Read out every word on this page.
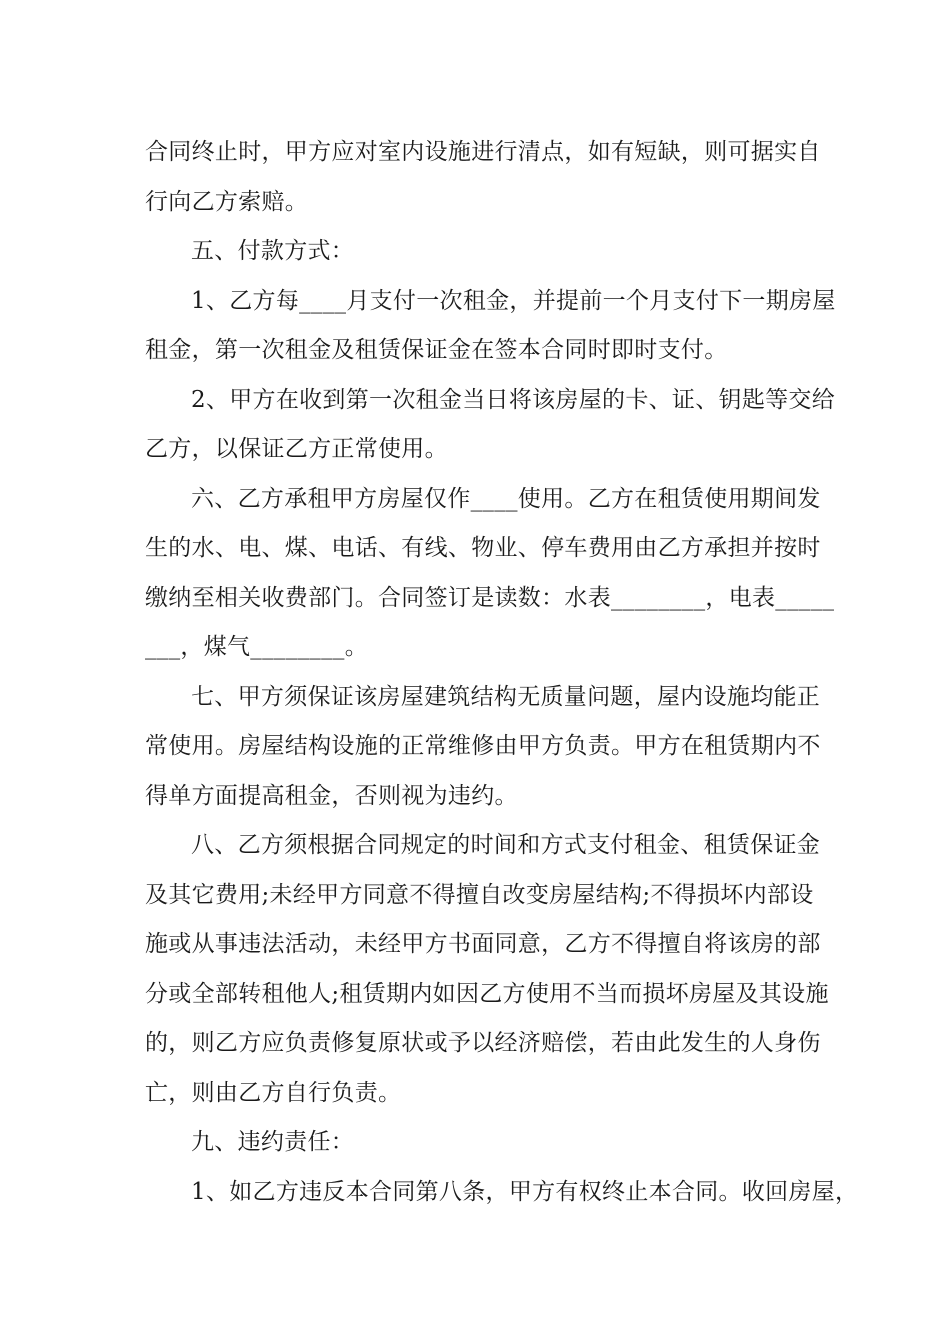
合同终止时，甲方应对室内设施进行清点，如有短缺，则可据实自
行向乙方索赔。
五、付款方式：
1、乙方每____月支付一次租金，并提前一个月支付下一期房屋
租金，第一次租金及租赁保证金在签本合同时即时支付。
2、甲方在收到第一次租金当日将该房屋的卡、证、钥匙等交给
乙方，以保证乙方正常使用。
六、乙方承租甲方房屋仅作____使用。乙方在租赁使用期间发
生的水、电、煤、电话、有线、物业、停车费用由乙方承担并按时
缴纳至相关收费部门。合同签订是读数：水表________，电表_____
___，煤气________。
七、甲方须保证该房屋建筑结构无质量问题，屋内设施均能正
常使用。房屋结构设施的正常维修由甲方负责。甲方在租赁期内不
得单方面提高租金，否则视为违约。
八、乙方须根据合同规定的时间和方式支付租金、租赁保证金
及其它费用;未经甲方同意不得擅自改变房屋结构;不得损坏内部设
施或从事违法活动，未经甲方书面同意，乙方不得擅自将该房的部
分或全部转租他人;租赁期内如因乙方使用不当而损坏房屋及其设施
的，则乙方应负责修复原状或予以经济赔偿，若由此发生的人身伤
亡，则由乙方自行负责。
九、违约责任：
1、如乙方违反本合同第八条，甲方有权终止本合同。收回房屋，
